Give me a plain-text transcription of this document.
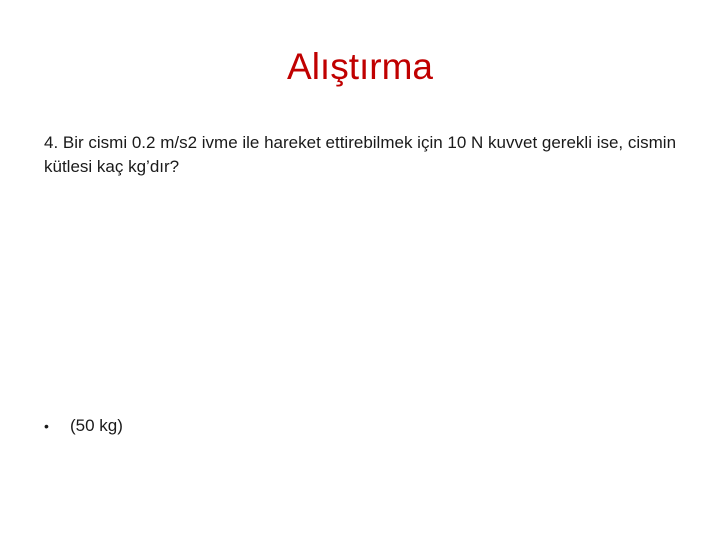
Alıştırma
4. Bir cismi 0.2 m/s2 ivme ile hareket ettirebilmek için 10 N kuvvet gerekli ise, cismin kütlesi kaç kg’dır?
•	(50 kg)
